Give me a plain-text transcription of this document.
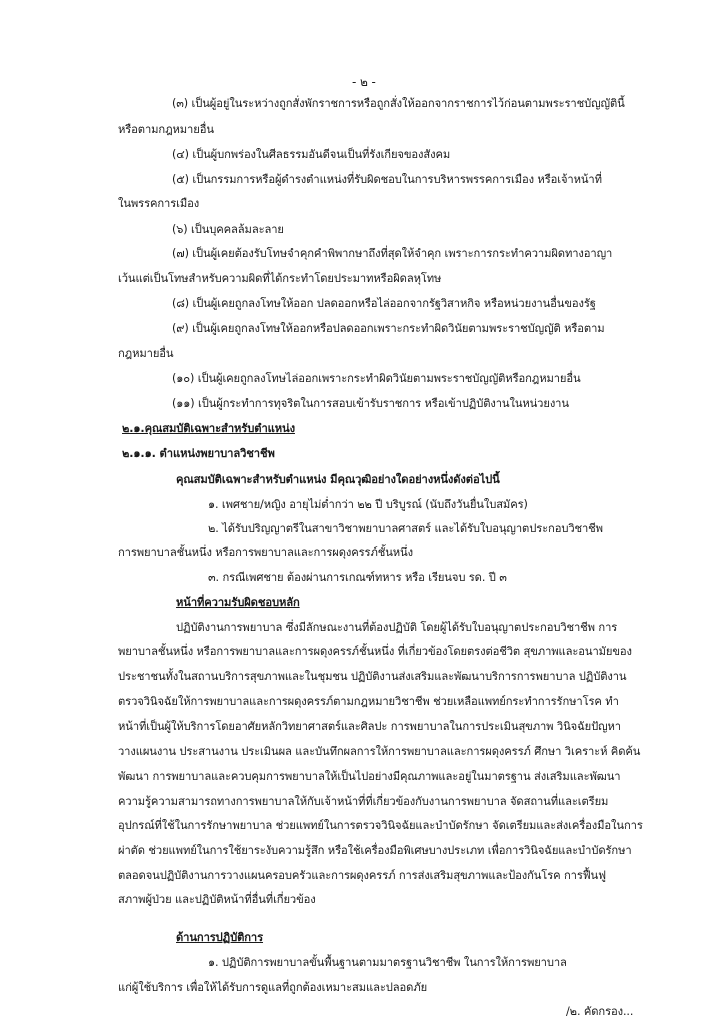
- ๒ -
(๓) เป็นผู้อยู่ในระหว่างถูกสั่งพักราชการหรือถูกสั่งให้ออกจากราชการไว้ก่อนตามพระราชบัญญัตินี้
หรือตามกฎหมายอื่น
(๔) เป็นผู้บกพร่องในศีลธรรมอันดีจนเป็นที่รังเกียจของสังคม
(๕) เป็นกรรมการหรือผู้ดำรงตำแหน่งที่รับผิดชอบในการบริหารพรรคการเมือง หรือเจ้าหน้าที่
ในพรรคการเมือง
(๖) เป็นบุคคลล้มละลาย
(๗) เป็นผู้เคยต้องรับโทษจำคุกคำพิพากษาถึงที่สุดให้จำคุก เพราะการกระทำความผิดทางอาญา
เว้นแต่เป็นโทษสำหรับความผิดที่ได้กระทำโดยประมาทหรือผิดลหุโทษ
(๘) เป็นผู้เคยถูกลงโทษให้ออก ปลดออกหรือไล่ออกจากรัฐวิสาหกิจ หรือหน่วยงานอื่นของรัฐ
(๙) เป็นผู้เคยถูกลงโทษให้ออกหรือปลดออกเพราะกระทำผิดวินัยตามพระราชบัญญัติ หรือตาม
กฎหมายอื่น
(๑๐) เป็นผู้เคยถูกลงโทษไล่ออกเพราะกระทำผิดวินัยตามพระราชบัญญัติหรือกฎหมายอื่น
(๑๑) เป็นผู้กระทำการทุจริตในการสอบเข้ารับราชการ หรือเข้าปฏิบัติงานในหน่วยงาน
๒.๑.คุณสมบัติเฉพาะสำหรับตำแหน่ง
๒.๑.๑. ตำแหน่งพยาบาลวิชาชีพ
คุณสมบัติเฉพาะสำหรับตำแหน่ง มีคุณวุฒิอย่างใดอย่างหนึ่งดังต่อไปนี้
๑. เพศชาย/หญิง อายุไม่ต่ำกว่า ๒๒ ปี บริบูรณ์ (นับถึงวันยื่นใบสมัคร)
๒. ได้รับปริญญาตรีในสาขาวิชาพยาบาลศาสตร์ และได้รับใบอนุญาตประกอบวิชาชีพ
การพยาบาลชั้นหนึ่ง หรือการพยาบาลและการผดุงครรภ์ชั้นหนึ่ง
๓. กรณีเพศชาย ต้องผ่านการเกณฑ์ทหาร หรือ เรียนจบ รด. ปี ๓
หน้าที่ความรับผิดชอบหลัก
ปฏิบัติงานการพยาบาล ซึ่งมีลักษณะงานที่ต้องปฏิบัติ โดยผู้ได้รับใบอนุญาตประกอบวิชาชีพ การ
พยาบาลชั้นหนึ่ง หรือการพยาบาลและการผดุงครรภ์ชั้นหนึ่ง ที่เกี่ยวข้องโดยตรงต่อชีวิต สุขภาพและอนามัยของ
ประชาชนทั้งในสถานบริการสุขภาพและในชุมชน ปฏิบัติงานส่งเสริมและพัฒนาบริการการพยาบาล ปฏิบัติงาน
ตรวจวินิจฉัยให้การพยาบาลและการผดุงครรภ์ตามกฎหมายวิชาชีพ ช่วยเหลือแพทย์กระทำการรักษาโรค ทำ
หน้าที่เป็นผู้ให้บริการโดยอาศัยหลักวิทยาศาสตร์และศิลปะ การพยาบาลในการประเมินสุขภาพ วินิจฉัยปัญหา
วางแผนงาน ประสานงาน ประเมินผล และบันทึกผลการให้การพยาบาลและการผดุงครรภ์ ศึกษา วิเคราะห์ คิดค้น
พัฒนา การพยาบาลและควบคุมการพยาบาลให้เป็นไปอย่างมีคุณภาพและอยู่ในมาตรฐาน ส่งเสริมและพัฒนา
ความรู้ความสามารถทางการพยาบาลให้กับเจ้าหน้าที่ที่เกี่ยวข้องกับงานการพยาบาล จัดสถานที่และเตรียม
อุปกรณ์ที่ใช้ในการรักษาพยาบาล ช่วยแพทย์ในการตรวจวินิจฉัยและบำบัดรักษา จัดเตรียมและส่งเครื่องมือในการ
ผ่าตัด ช่วยแพทย์ในการใช้ยาระงับความรู้สึก หรือใช้เครื่องมือพิเศษบางประเภท เพื่อการวินิจฉัยและบำบัดรักษา
ตลอดจนปฏิบัติงานการวางแผนครอบครัวและการผดุงครรภ์ การส่งเสริมสุขภาพและป้องกันโรค การฟื้นฟู
สภาพผู้ป่วย และปฏิบัติหน้าที่อื่นที่เกี่ยวข้อง
ด้านการปฏิบัติการ
๑. ปฏิบัติการพยาบาลขั้นพื้นฐานตามมาตรฐานวิชาชีพ ในการให้การพยาบาล
แก่ผู้ใช้บริการ เพื่อให้ได้รับการดูแลที่ถูกต้องเหมาะสมและปลอดภัย
/๒. คัดกรอง...
